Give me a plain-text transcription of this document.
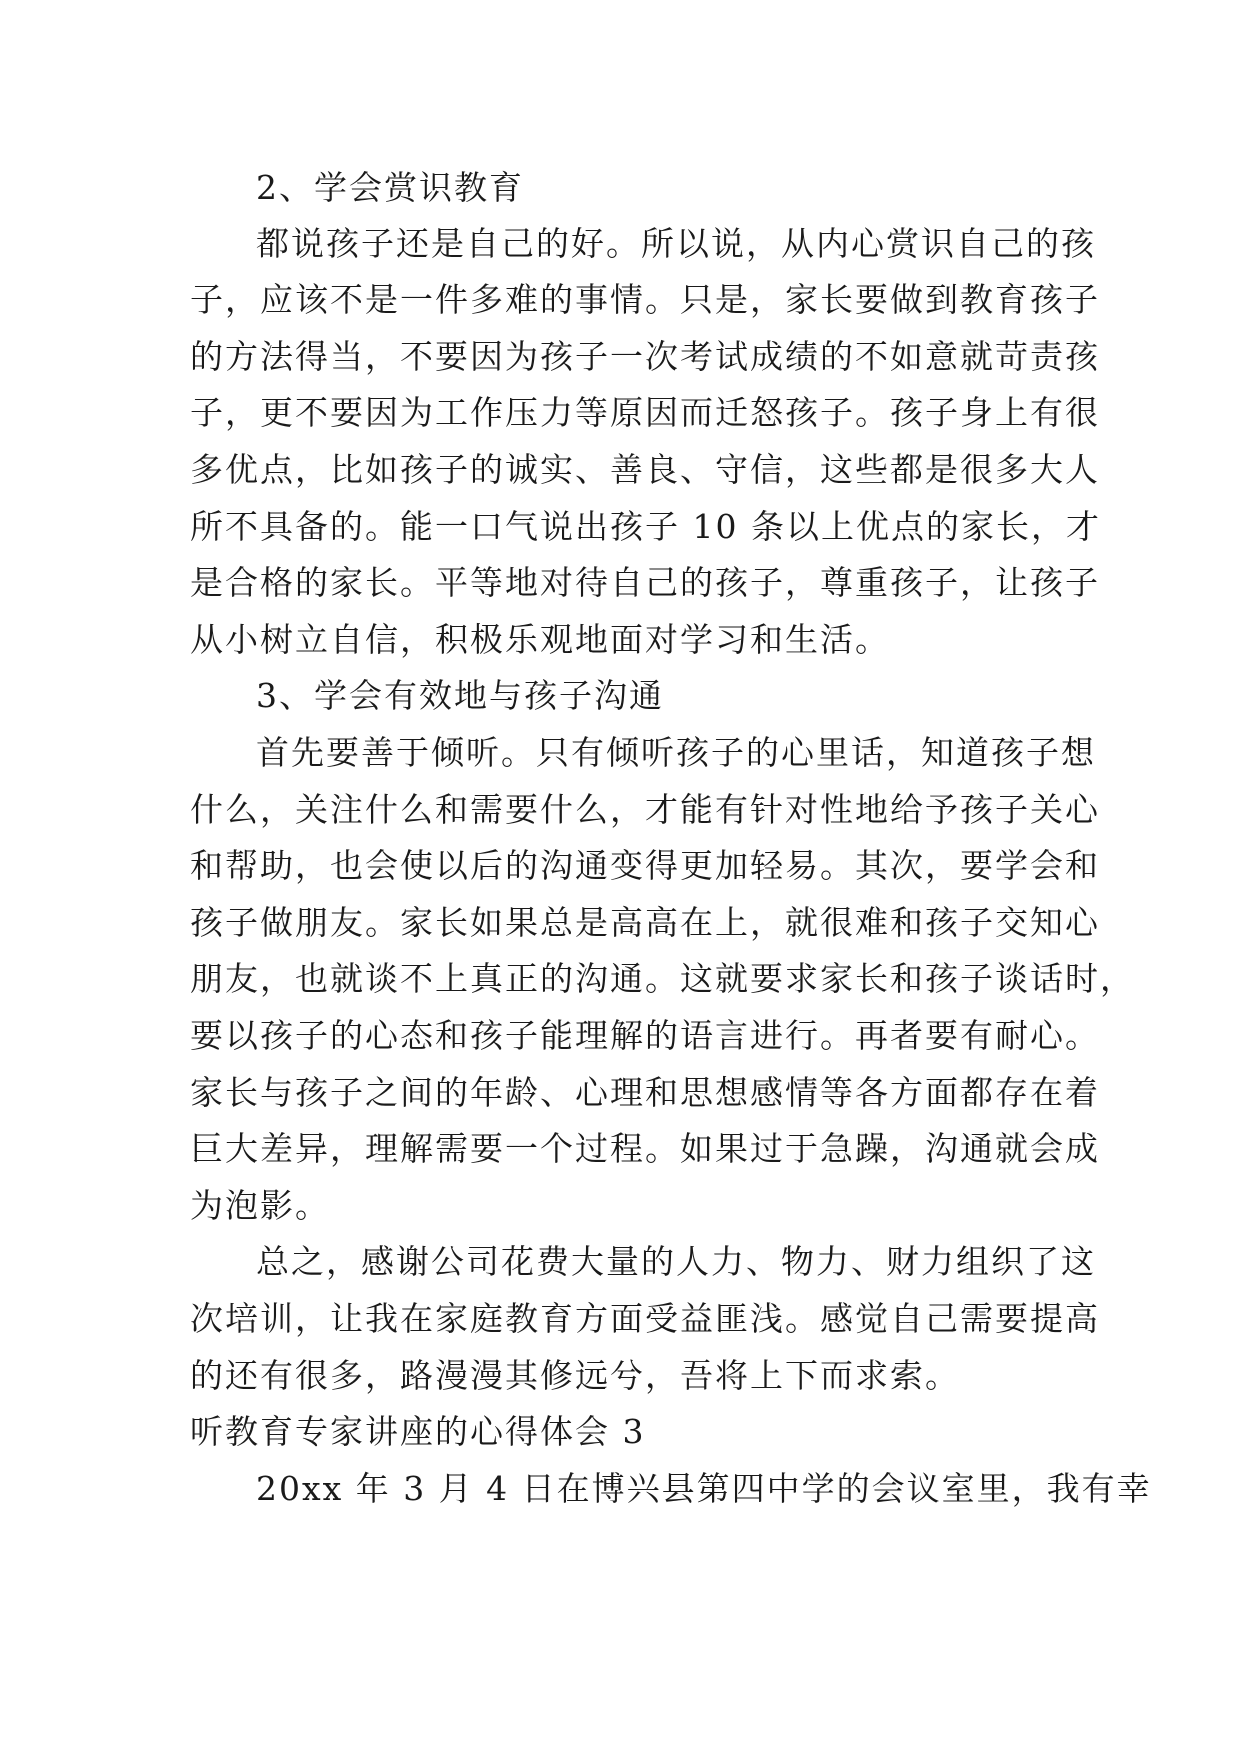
2、学会赏识教育
都说孩子还是自己的好。所以说，从内心赏识自己的孩
子，应该不是一件多难的事情。只是，家长要做到教育孩子
的方法得当，不要因为孩子一次考试成绩的不如意就苛责孩
子，更不要因为工作压力等原因而迁怒孩子。孩子身上有很
多优点，比如孩子的诚实、善良、守信，这些都是很多大人
所不具备的。能一口气说出孩子 10 条以上优点的家长，才
是合格的家长。平等地对待自己的孩子，尊重孩子，让孩子
从小树立自信，积极乐观地面对学习和生活。
3、学会有效地与孩子沟通
首先要善于倾听。只有倾听孩子的心里话，知道孩子想
什么，关注什么和需要什么，才能有针对性地给予孩子关心
和帮助，也会使以后的沟通变得更加轻易。其次，要学会和
孩子做朋友。家长如果总是高高在上，就很难和孩子交知心
朋友，也就谈不上真正的沟通。这就要求家长和孩子谈话时，
要以孩子的心态和孩子能理解的语言进行。再者要有耐心。
家长与孩子之间的年龄、心理和思想感情等各方面都存在着
巨大差异，理解需要一个过程。如果过于急躁，沟通就会成
为泡影。
总之，感谢公司花费大量的人力、物力、财力组织了这
次培训，让我在家庭教育方面受益匪浅。感觉自己需要提高
的还有很多，路漫漫其修远兮，吾将上下而求索。
听教育专家讲座的心得体会 3
20xx 年 3 月 4 日在博兴县第四中学的会议室里，我有幸
